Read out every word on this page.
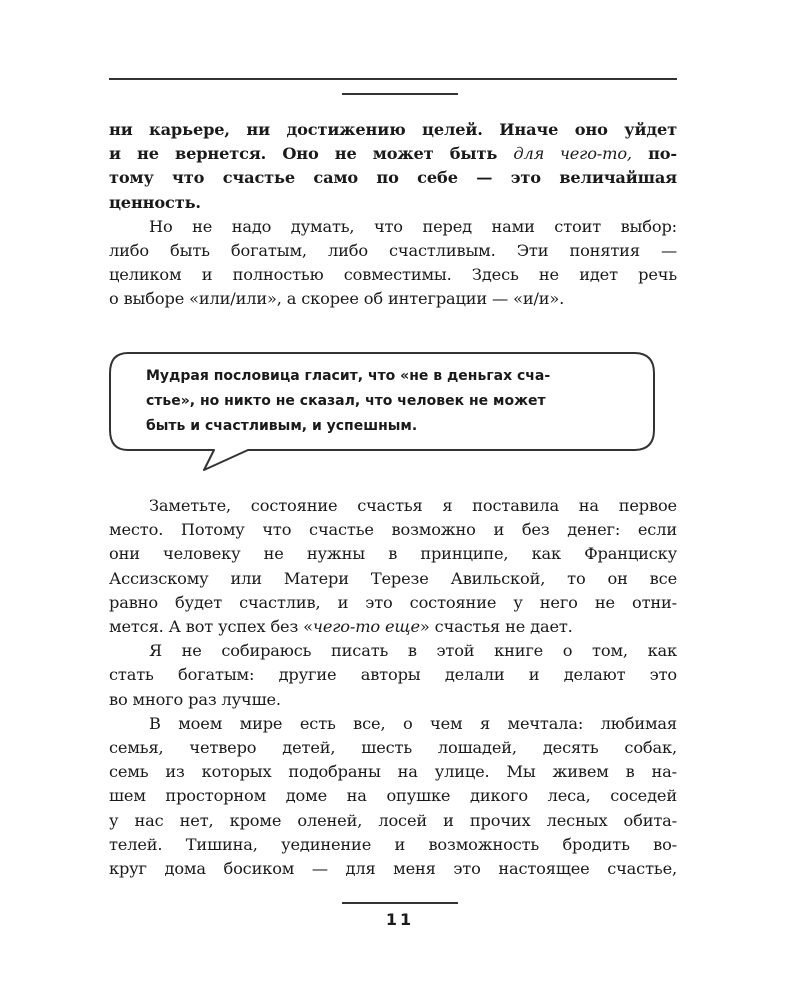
ни карьере, ни достижению целей. Иначе оно уйдет
и не вернется. Оно не может быть для чего-то, по-
тому что счастье само по себе — это величайшая
ценность.
Но не надо думать, что перед нами стоит выбор:
либо быть богатым, либо счастливым. Эти понятия —
целиком и полностью совместимы. Здесь не идет речь
о выборе «или/или», а скорее об интеграции — «и/и».
Мудрая пословица гласит, что «не в деньгах сча-
стье», но никто не сказал, что человек не может
быть и счастливым, и успешным.
Заметьте, состояние счастья я поставила на первое
место. Потому что счастье возможно и без денег: если
они человеку не нужны в принципе, как Франциску
Ассизскому или Матери Терезе Авильской, то он все
равно будет счастлив, и это состояние у него не отни-
мется. А вот успех без «чего-то еще» счастья не дает.
Я не собираюсь писать в этой книге о том, как
стать богатым: другие авторы делали и делают это
во много раз лучше.
В моем мире есть все, о чем я мечтала: любимая
семья, четверо детей, шесть лошадей, десять собак,
семь из которых подобраны на улице. Мы живем в на-
шем просторном доме на опушке дикого леса, соседей
у нас нет, кроме оленей, лосей и прочих лесных обита-
телей. Тишина, уединение и возможность бродить во-
круг дома босиком — для меня это настоящее счастье,
11
